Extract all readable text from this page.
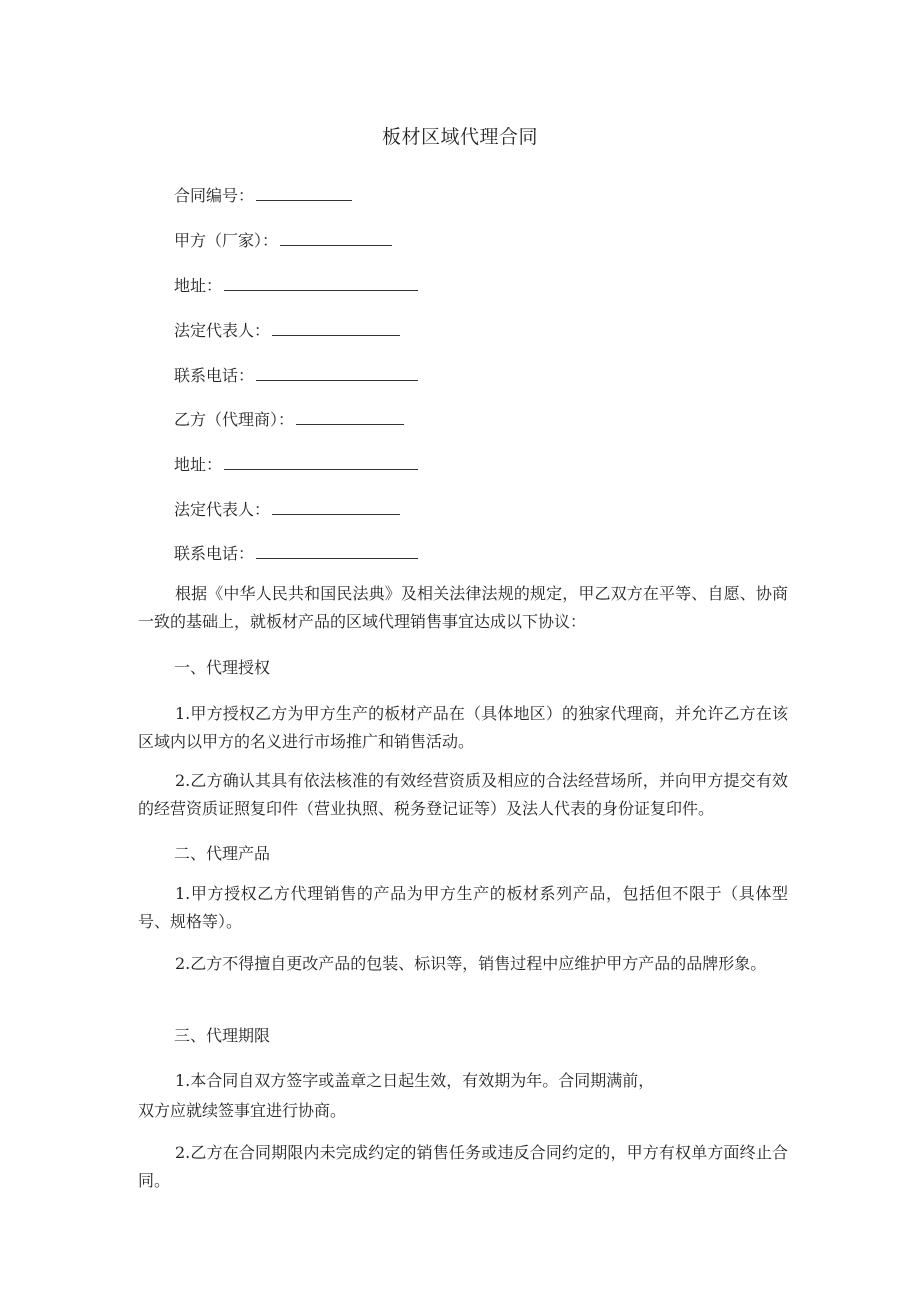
板材区域代理合同
合同编号：
甲方（厂家）：
地址：
法定代表人：
联系电话：
乙方（代理商）：
地址：
法定代表人：
联系电话：
根据《中华人民共和国民法典》及相关法律法规的规定，甲乙双方在平等、自愿、协商一致的基础上，就板材产品的区域代理销售事宜达成以下协议：
一、代理授权
1.甲方授权乙方为甲方生产的板材产品在（具体地区）的独家代理商，并允许乙方在该区域内以甲方的名义进行市场推广和销售活动。
2.乙方确认其具有依法核准的有效经营资质及相应的合法经营场所，并向甲方提交有效的经营资质证照复印件（营业执照、税务登记证等）及法人代表的身份证复印件。
二、代理产品
1.甲方授权乙方代理销售的产品为甲方生产的板材系列产品，包括但不限于（具体型号、规格等）。
2.乙方不得擅自更改产品的包装、标识等，销售过程中应维护甲方产品的品牌形象。
三、代理期限
1.本合同自双方签字或盖章之日起生效，有效期为年。合同期满前，
双方应就续签事宜进行协商。
2.乙方在合同期限内未完成约定的销售任务或违反合同约定的，甲方有权单方面终止合同。
